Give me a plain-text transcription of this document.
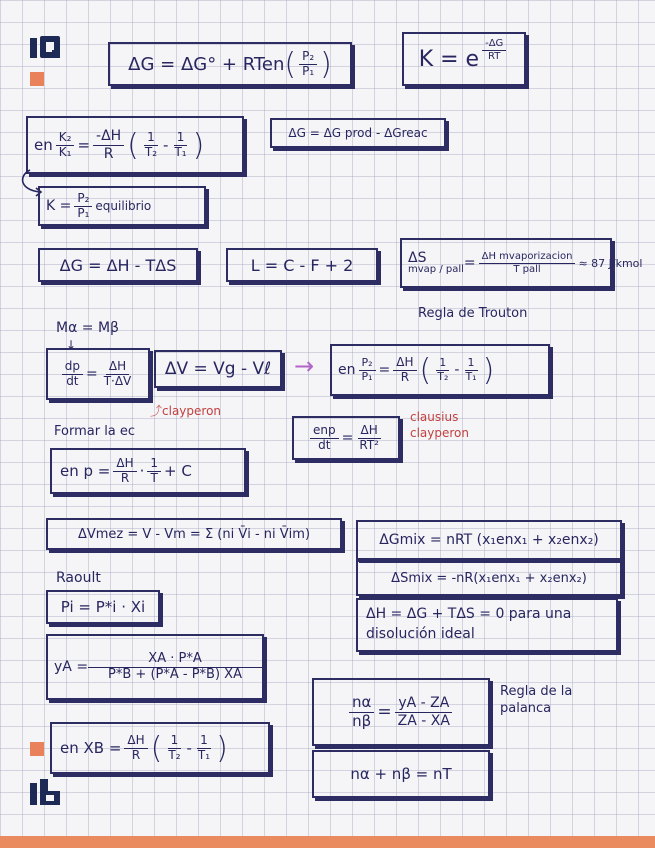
ΔG = ΔG° + RTen ( $\frac{\text{P₂}}{\text{P₁}}$ )	K = e $\frac{-\Delta G}{RT}$
en $\frac{\text{K₂}}{\text{K₁}} = \frac{-\Delta H}{R}$ ( $\frac{1}{\text{T₂}} - \frac{1}{\text{T₁}}$ )	ΔG = ΔG prod - ΔGreac
$K = \frac{\text{P₂}}{\text{P₁}}$ equilibrio
ΔG = ΔH - TΔS	L = C - F + 2	ΔS
mvap / pall = $\frac{\text{ΔH mvaporizacion}}{\text{T pall}} \approx 87$ J/kmol
Regla de Trouton
Mα = Mβ
↓
$\frac{dp}{dt} = \frac{\Delta H}{T\cdot\Delta V}$ ΔV = Vg - Vℓ → en $\frac{\text{P₂}}{\text{P₁}} = \frac{\Delta H}{R}$ ( $\frac{1}{\text{T₂}} - \frac{1}{\text{T₁}}$ )
⤴clayperon
$\frac{\text{enp}}{dt} = \frac{\Delta H}{\text{RT²}}$
clausius clayperon
Formar la ec
en $p = \frac{\Delta H}{R} \cdot \frac{1}{T} + C$
ΔVmez = V - Vm = Σ (ni V̄i - ni V̄im)	ΔGmix = nRT (x₁enx₁ + x₂enx₂)
ΔSmix = -nR(x₁enx₁ + x₂enx₂)
ΔH = ΔG + TΔS = 0 para una disolución ideal
Raoult
Pi = P*i · Xi
yA = $\frac{XA \cdot P*A}{P*B + (P*A - P*B) XA}$
$\frac{n\alpha}{n\beta} = \frac{yA - ZA}{ZA - XA}$
nα + nβ = nT
Regla de la palanca
en XB = $\frac{\Delta H}{R}$ ( $\frac{1}{\text{T₂}} - \frac{1}{\text{T₁}}$ )
